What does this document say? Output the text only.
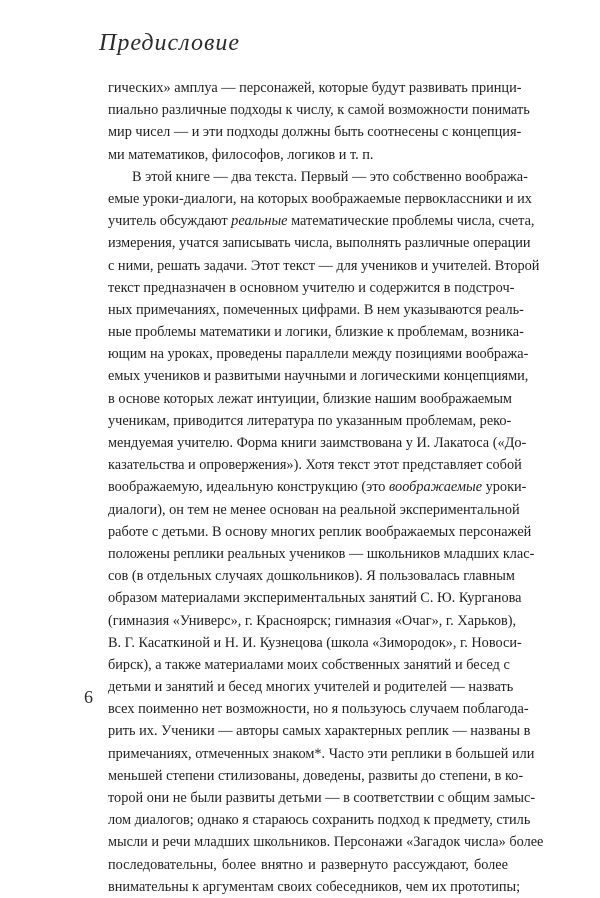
Предисловие
гических» амплуа — персонажей, которые будут развивать принци-
пиально различные подходы к числу, к самой возможности понимать
мир чисел — и эти подходы должны быть соотнесены с концепция-
ми математиков, философов, логиков и т. п.
В этой книге — два текста. Первый — это собственно вообража-
емые уроки-диалоги, на которых воображаемые первоклассники и их
учитель обсуждают реальные математические проблемы числа, счета,
измерения, учатся записывать числа, выполнять различные операции
с ними, решать задачи. Этот текст — для учеников и учителей. Второй
текст предназначен в основном учителю и содержится в подстроч-
ных примечаниях, помеченных цифрами. В нем указываются реаль-
ные проблемы математики и логики, близкие к проблемам, возника-
ющим на уроках, проведены параллели между позициями вообража-
емых учеников и развитыми научными и логическими концепциями,
в основе которых лежат интуиции, близкие нашим воображаемым
ученикам, приводится литература по указанным проблемам, реко-
мендуемая учителю. Форма книги заимствована у И. Лакатоса («До-
казательства и опровержения»). Хотя текст этот представляет собой
воображаемую, идеальную конструкцию (это воображаемые уроки-
диалоги), он тем не менее основан на реальной экспериментальной
работе с детьми. В основу многих реплик воображаемых персонажей
положены реплики реальных учеников — школьников младших клас-
сов (в отдельных случаях дошкольников). Я пользовалась главным
образом материалами экспериментальных занятий С. Ю. Курганова
(гимназия «Универс», г. Красноярск; гимназия «Очаг», г. Харьков),
В. Г. Касаткиной и Н. И. Кузнецова (школа «Зимородок», г. Новоси-
бирск), а также материалами моих собственных занятий и бесед с
детьми и занятий и бесед многих учителей и родителей — назвать
всех поименно нет возможности, но я пользуюсь случаем поблагода-
рить их. Ученики — авторы самых характерных реплик — названы в
примечаниях, отмеченных знаком*. Часто эти реплики в большей или
меньшей степени стилизованы, доведены, развиты до степени, в ко-
торой они не были развиты детьми — в соответствии с общим замыс-
лом диалогов; однако я стараюсь сохранить подход к предмету, стиль
мысли и речи младших школьников. Персонажи «Загадок числа» более
последовательны, более внятно и развернуто рассуждают, более
внимательны к аргументам своих собеседников, чем их прототипы;
6
